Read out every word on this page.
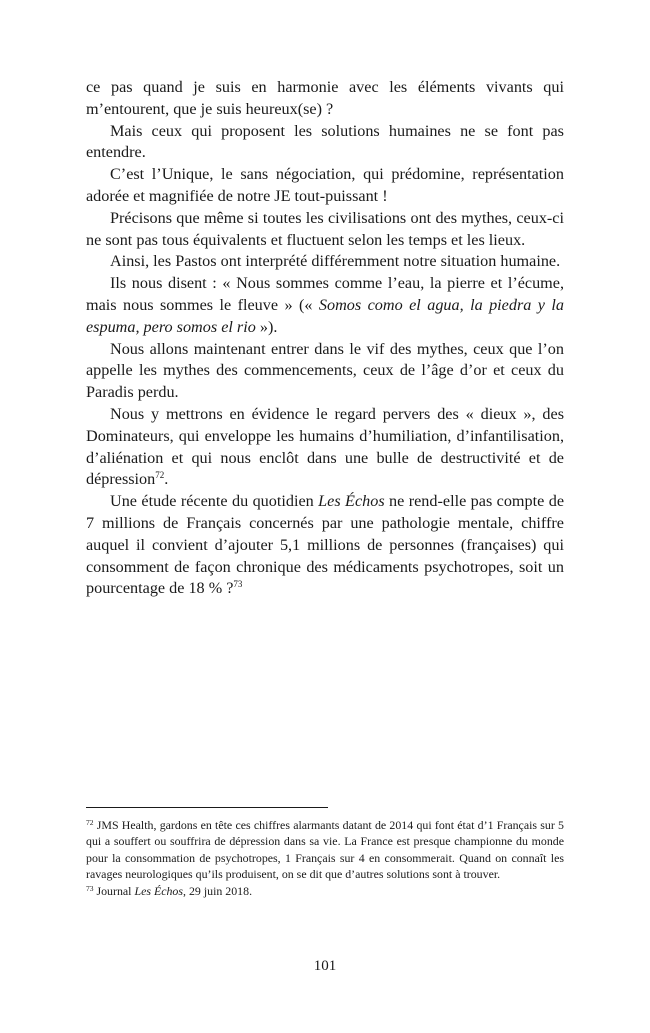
ce pas quand je suis en harmonie avec les éléments vivants qui m’entourent, que je suis heureux(se) ?

Mais ceux qui proposent les solutions humaines ne se font pas entendre.

C’est l’Unique, le sans négociation, qui prédomine, représentation adorée et magnifiée de notre JE tout-puissant !

Précisons que même si toutes les civilisations ont des mythes, ceux-ci ne sont pas tous équivalents et fluctuent selon les temps et les lieux.

Ainsi, les Pastos ont interprété différemment notre situation humaine.

Ils nous disent : « Nous sommes comme l’eau, la pierre et l’écume, mais nous sommes le fleuve » (« Somos como el agua, la piedra y la espuma, pero somos el rio »).

Nous allons maintenant entrer dans le vif des mythes, ceux que l’on appelle les mythes des commencements, ceux de l’âge d’or et ceux du Paradis perdu.

Nous y mettrons en évidence le regard pervers des « dieux », des Dominateurs, qui enveloppe les humains d’humiliation, d’infantilisation, d’aliénation et qui nous enclôt dans une bulle de destructivité et de dépression$^{72}$.

Une étude récente du quotidien Les Échos ne rend-elle pas compte de 7 millions de Français concernés par une pathologie mentale, chiffre auquel il convient d’ajouter 5,1 millions de personnes (françaises) qui consomment de façon chronique des médicaments psychotropes, soit un pourcentage de 18 % ?$^{73}$

$^{72}$ JMS Health, gardons en tête ces chiffres alarmants datant de 2014 qui font état d’1 Français sur 5 qui a souffert ou souffrira de dépression dans sa vie. La France est presque championne du monde pour la consommation de psychotropes, 1 Français sur 4 en consommerait. Quand on connaît les ravages neurologiques qu’ils produisent, on se dit que d’autres solutions sont à trouver.

$^{73}$ Journal Les Échos, 29 juin 2018.

101
